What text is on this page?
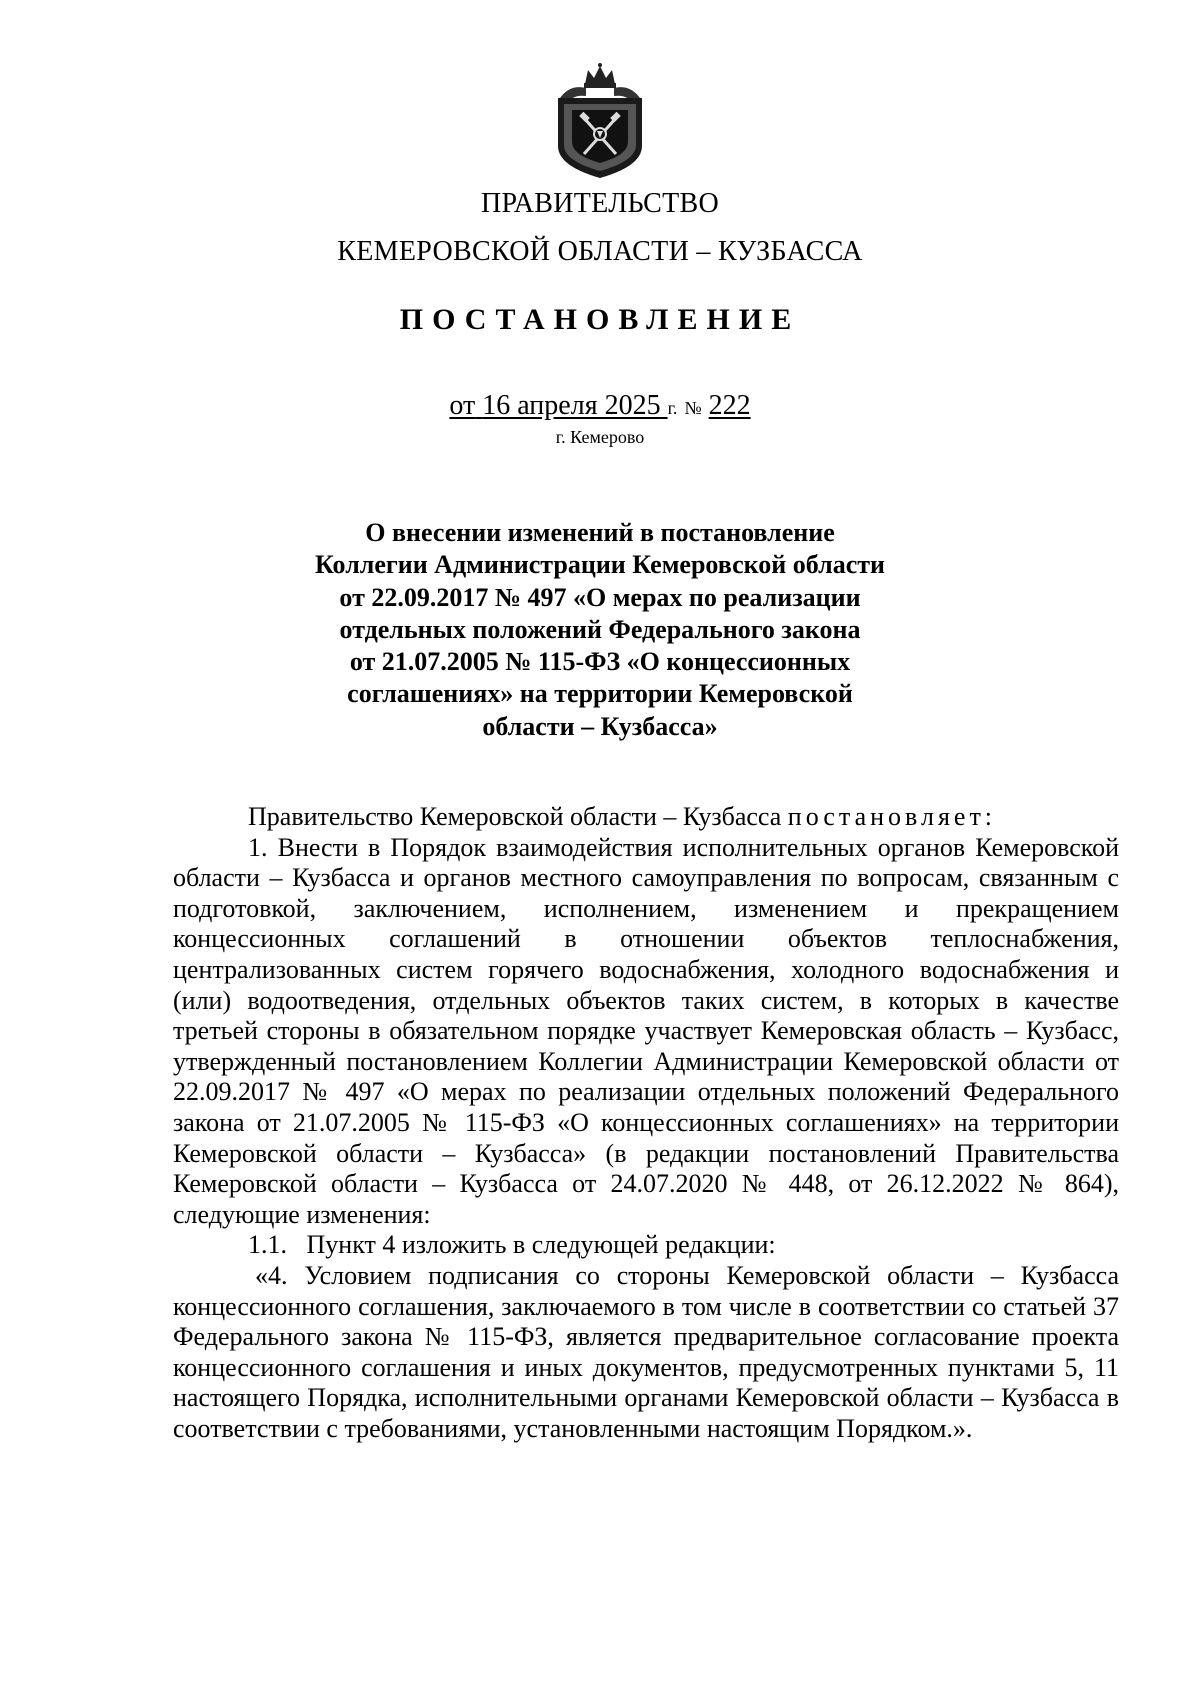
ПРАВИТЕЛЬСТВО
КЕМЕРОВСКОЙ ОБЛАСТИ – КУЗБАССА
ПОСТАНОВЛЕНИЕ
от 16 апреля 2025 г. № 222
г. Кемерово
О внесении изменений в постановление
Коллегии Администрации Кемеровской области
от 22.09.2017 № 497 «О мерах по реализации
отдельных положений Федерального закона
от 21.07.2005 № 115-ФЗ «О концессионных
соглашениях» на территории Кемеровской
области – Кузбасса»

Правительство Кемеровской области – Кузбасса постановляет:

1. Внести в Порядок взаимодействия исполнительных органов Кемеровской области – Кузбасса и органов местного самоуправления по вопросам, связанным с подготовкой, заключением, исполнением, изменением и прекращением концессионных соглашений в отношении объектов теплоснабжения, централизованных систем горячего водоснабжения, холодного водоснабжения и (или) водоотведения, отдельных объектов таких систем, в которых в качестве третьей стороны в обязательном порядке участвует Кемеровская область – Кузбасс, утвержденный постановлением Коллегии Администрации Кемеровской области от 22.09.2017 № 497 «О мерах по реализации отдельных положений Федерального закона от 21.07.2005 № 115-ФЗ «О концессионных соглашениях» на территории Кемеровской области – Кузбасса» (в редакции постановлений Правительства Кемеровской области – Кузбасса от 24.07.2020 № 448, от 26.12.2022 № 864), следующие изменения:

1.1.   Пункт 4 изложить в следующей редакции:

«4. Условием подписания со стороны Кемеровской области – Кузбасса концессионного соглашения, заключаемого в том числе в соответствии со статьей 37 Федерального закона № 115-ФЗ, является предварительное согласование проекта концессионного соглашения и иных документов, предусмотренных пунктами 5, 11 настоящего Порядка, исполнительными органами Кемеровской области – Кузбасса в соответствии с требованиями, установленными настоящим Порядком.».
